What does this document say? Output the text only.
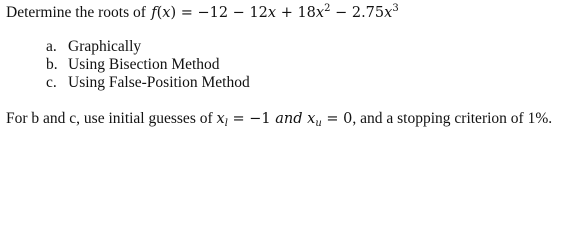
Determine the roots of   $f(x) = -12 - 12x + 18x^2 - 2.75x^3$
a. Graphically
b. Using Bisection Method
c. Using False-Position Method
For b and c, use initial guesses of $x_l = -1$ and $x_u = 0$, and a stopping criterion of 1%.
